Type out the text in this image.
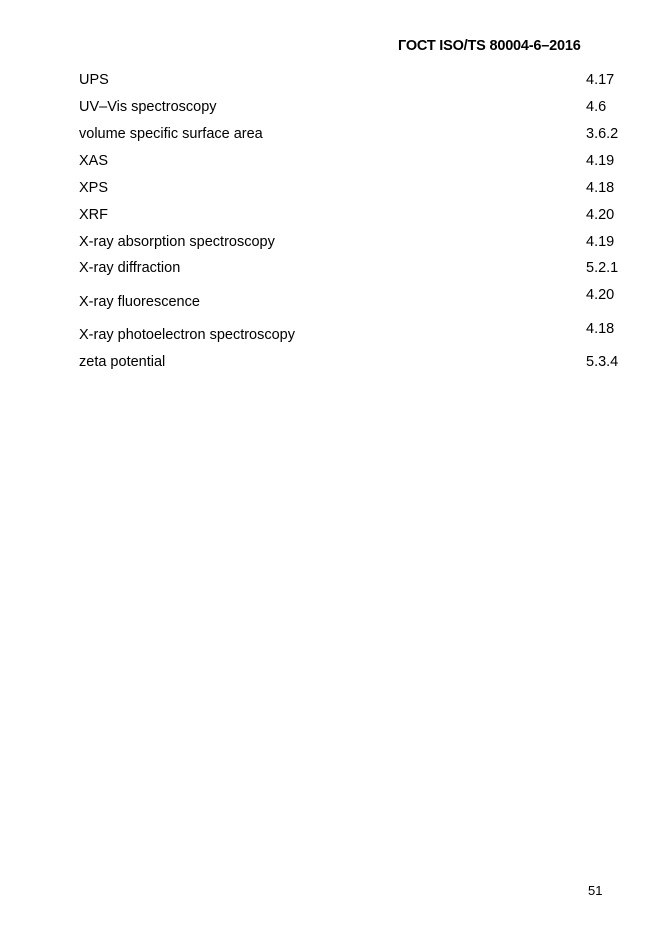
ГОСТ ISO/TS 80004-6–2016
UPS	4.17
UV–Vis spectroscopy	4.6
volume specific surface area	3.6.2
XAS	4.19
XPS	4.18
XRF	4.20
X-ray absorption spectroscopy	4.19
X-ray diffraction	5.2.1
X-ray fluorescence	4.20
X-ray photoelectron spectroscopy	4.18
zeta potential	5.3.4
51
